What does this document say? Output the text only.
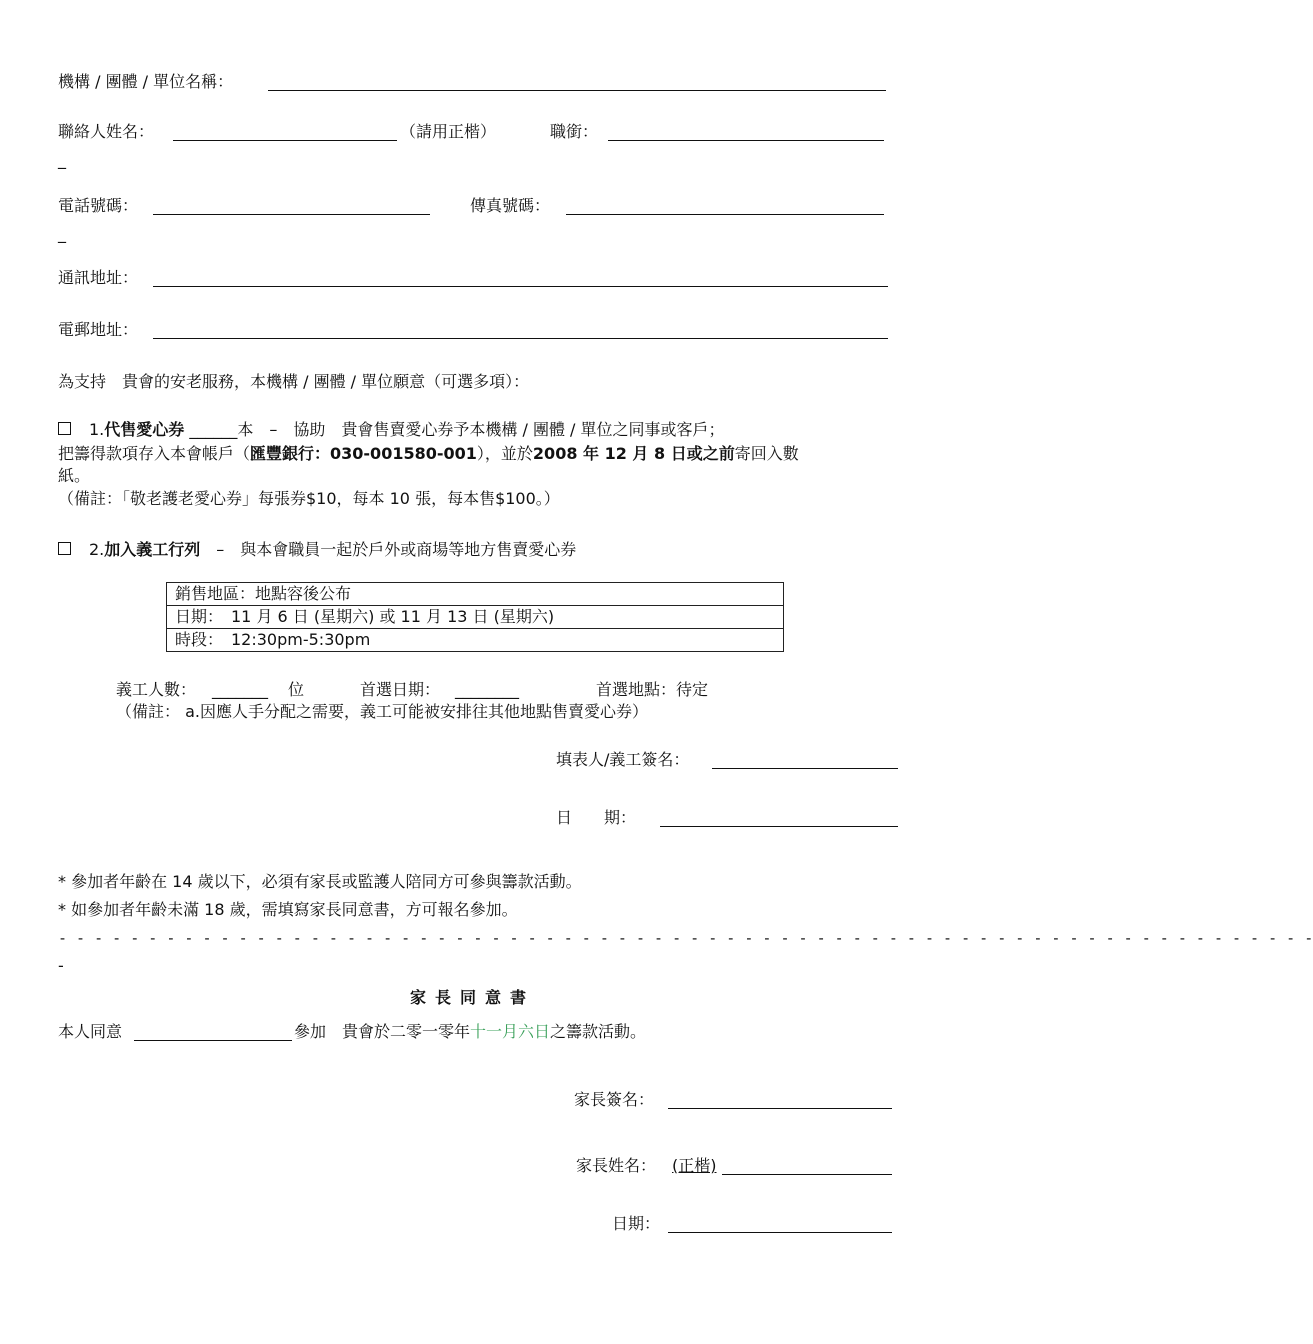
機構 / 團體 / 單位名稱：
聯絡人姓名：	（請用正楷）	職銜：
_
電話號碼：	傳真號碼：
_
通訊地址：
電郵地址：
為支持　貴會的安老服務，本機構 / 團體 / 單位願意（可選多項）：
1.代售愛心券 ______本　–　協助　貴會售賣愛心券予本機構 / 團體 / 單位之同事或客戶；
把籌得款項存入本會帳戶（匯豐銀行：030-001580-001），並於2008 年 12 月 8 日或之前寄回入數
紙。
（備註：「敬老護老愛心券」每張券$10，每本 10 張，每本售$100。）
2.加入義工行列　–　與本會職員一起於戶外或商場等地方售賣愛心券
銷售地區：地點容後公布
日期：　11 月 6 日 (星期六) 或 11 月 13 日 (星期六)
時段：　12:30pm-5:30pm
義工人數： _______ 位	首選日期： ________	首選地點：待定
（備註： a.因應人手分配之需要，義工可能被安排往其他地點售賣愛心券）
填表人/義工簽名：
日　　期：
* 參加者年齡在 14 歲以下，必須有家長或監護人陪同方可參與籌款活動。
* 如參加者年齡未滿 18 歲，需填寫家長同意書，方可報名參加。
- - - - - - - - - - - - - - - - - - - - - - - - - - - - - - - - - - - - - - - - - - - - - - - - - - - - - - - - - - - - - - - - - - - - - -
-
家長同意書
本人同意	參加　貴會於二零一零年十一月六日之籌款活動。
家長簽名：
家長姓名： (正楷)
日期：
